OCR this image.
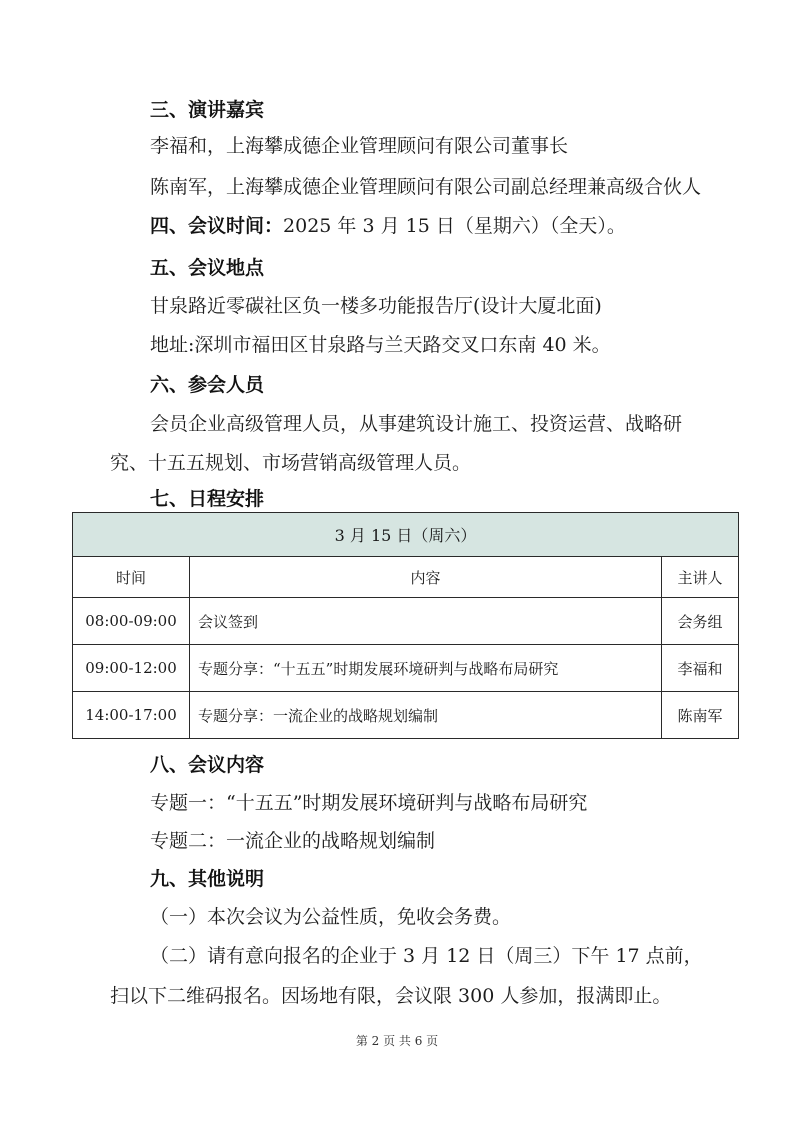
三、演讲嘉宾
李福和，上海攀成德企业管理顾问有限公司董事长
陈南军，上海攀成德企业管理顾问有限公司副总经理兼高级合伙人
四、会议时间：2025 年 3 月 15 日（星期六）（全天）。
五、会议地点
甘泉路近零碳社区负一楼多功能报告厅(设计大厦北面)
地址:深圳市福田区甘泉路与兰天路交叉口东南 40 米。
六、参会人员
会员企业高级管理人员，从事建筑设计施工、投资运营、战略研
究、十五五规划、市场营销高级管理人员。
七、日程安排
3 月 15 日（周六）		
时间	内容	主讲人
08:00-09:00	会议签到	会务组
09:00-12:00	专题分享：“十五五”时期发展环境研判与战略布局研究	李福和
14:00-17:00	专题分享：一流企业的战略规划编制	陈南军
八、会议内容
专题一：“十五五”时期发展环境研判与战略布局研究
专题二：一流企业的战略规划编制
九、其他说明
（一）本次会议为公益性质，免收会务费。
（二）请有意向报名的企业于 3 月 12 日（周三）下午 17 点前，
扫以下二维码报名。因场地有限，会议限 300 人参加，报满即止。
第 2 页 共 6 页
